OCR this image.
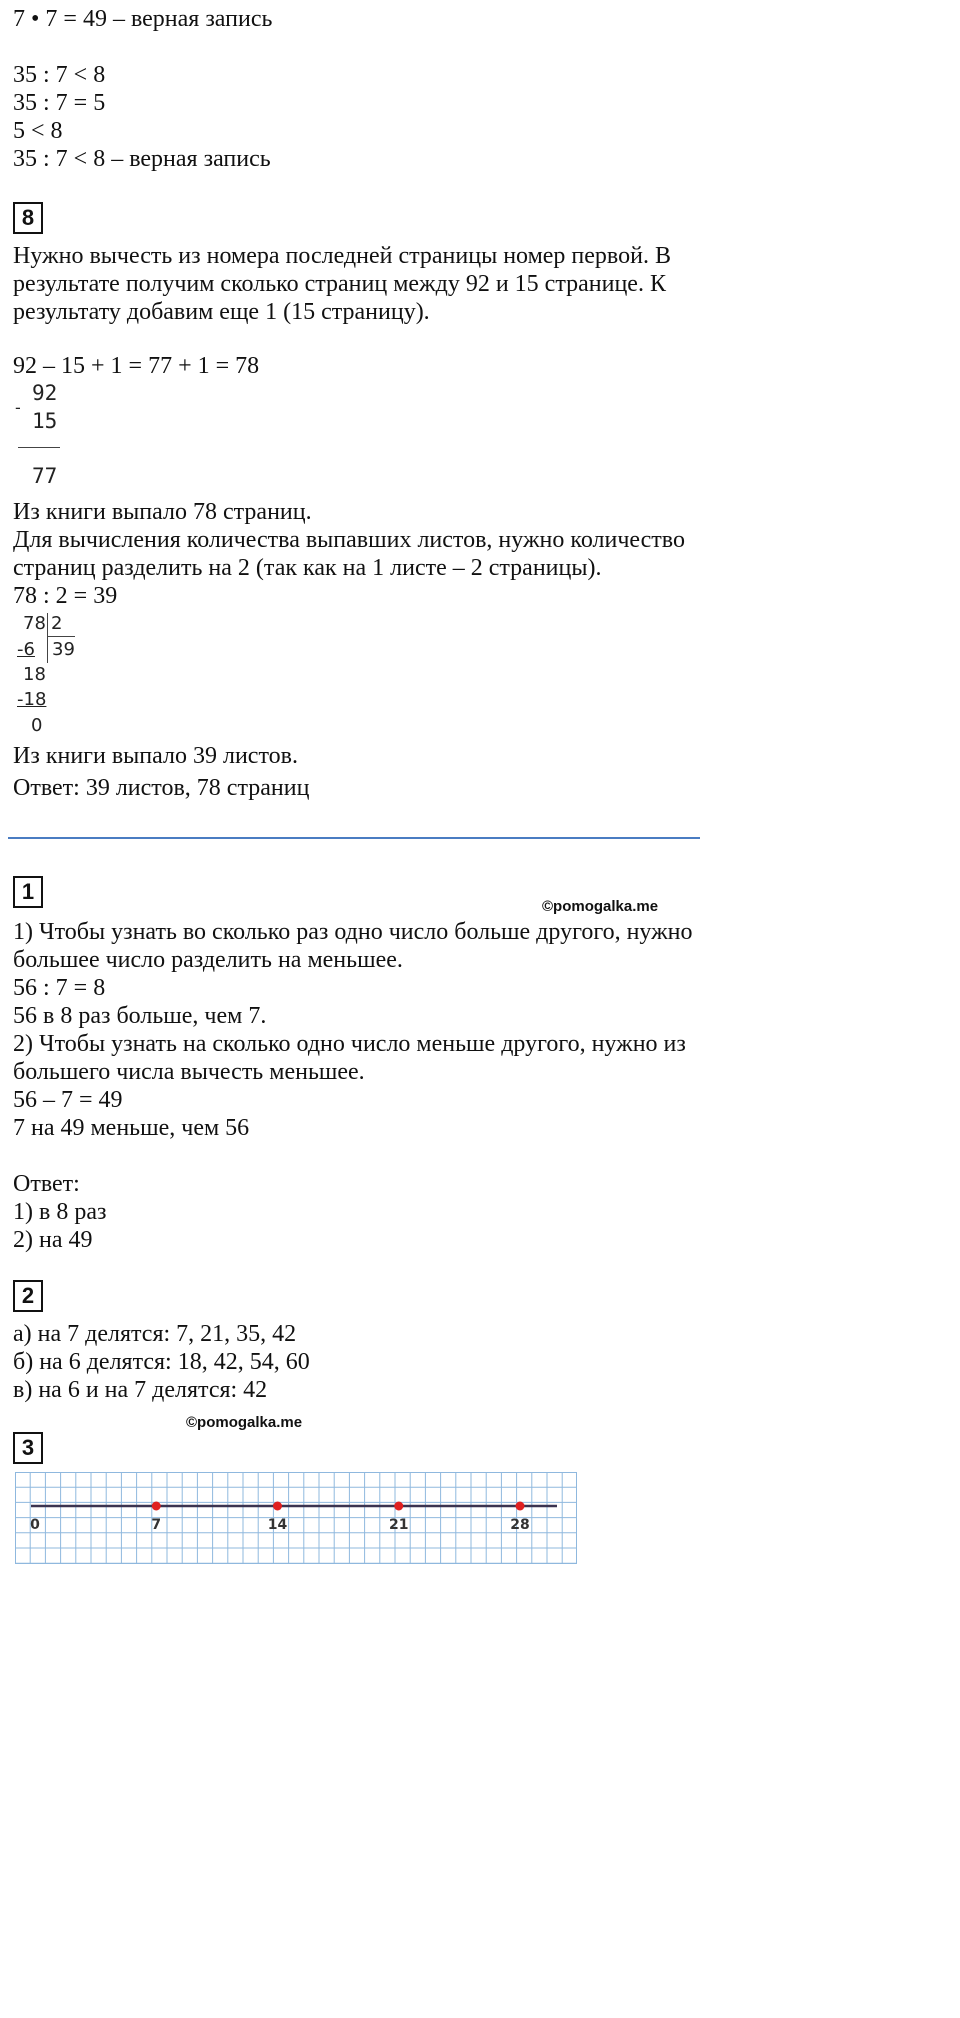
7 • 7 = 49 – верная запись
35 : 7 < 8
35 : 7 = 5
5 < 8
35 : 7 < 8 – верная запись
8
Нужно вычесть из номера последней страницы номер первой. В
результате получим сколько страниц между 92 и 15 странице. К
результату добавим еще 1 (15 страницу).
92 – 15 + 1 = 77 + 1 = 78
-
92
15
77
Из книги выпало 78 страниц.
Для вычисления количества выпавших листов, нужно количество
страниц разделить на 2 (так как на 1 листе – 2 страницы).
78 : 2 = 39
78 2
39
-6
18
-18
0
Из книги выпало 39 листов.
Ответ: 39 листов, 78 страниц
1
©pomogalka.me
1) Чтобы узнать во сколько раз одно число больше другого, нужно
большее число разделить на меньшее.
56 : 7 = 8
56 в 8 раз больше, чем 7.
2) Чтобы узнать на сколько одно число меньше другого, нужно из
большего числа вычесть меньшее.
56 – 7 = 49
7 на 49 меньше, чем 56
Ответ:
1) в 8 раз
2) на 49
2
а) на 7 делятся: 7, 21, 35, 42
б) на 6 делятся: 18, 42, 54, 60
в) на 6 и на 7 делятся: 42
©pomogalka.me
3
0	7	14	21	28
